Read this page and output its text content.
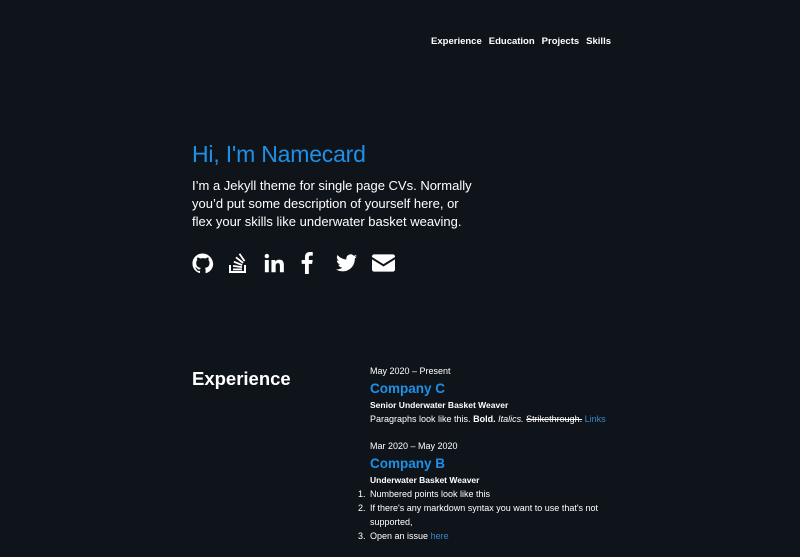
Experience Education Projects Skills
Hi, I'm Namecard

I’m a Jekyll theme for single page CVs. Normally you’d put some description of yourself here, or flex your skills like underwater basket weaving.

Experience	May 2020 – Present
Company C
Senior Underwater Basket Weaver
Paragraphs look like this. Bold. Italics. Strikethrough. Links
Mar 2020 – May 2020
Company B
Underwater Basket Weaver
1. Numbered points look like this
2. If there's any markdown syntax you want to use that's not supported,
3. Open an issue here
